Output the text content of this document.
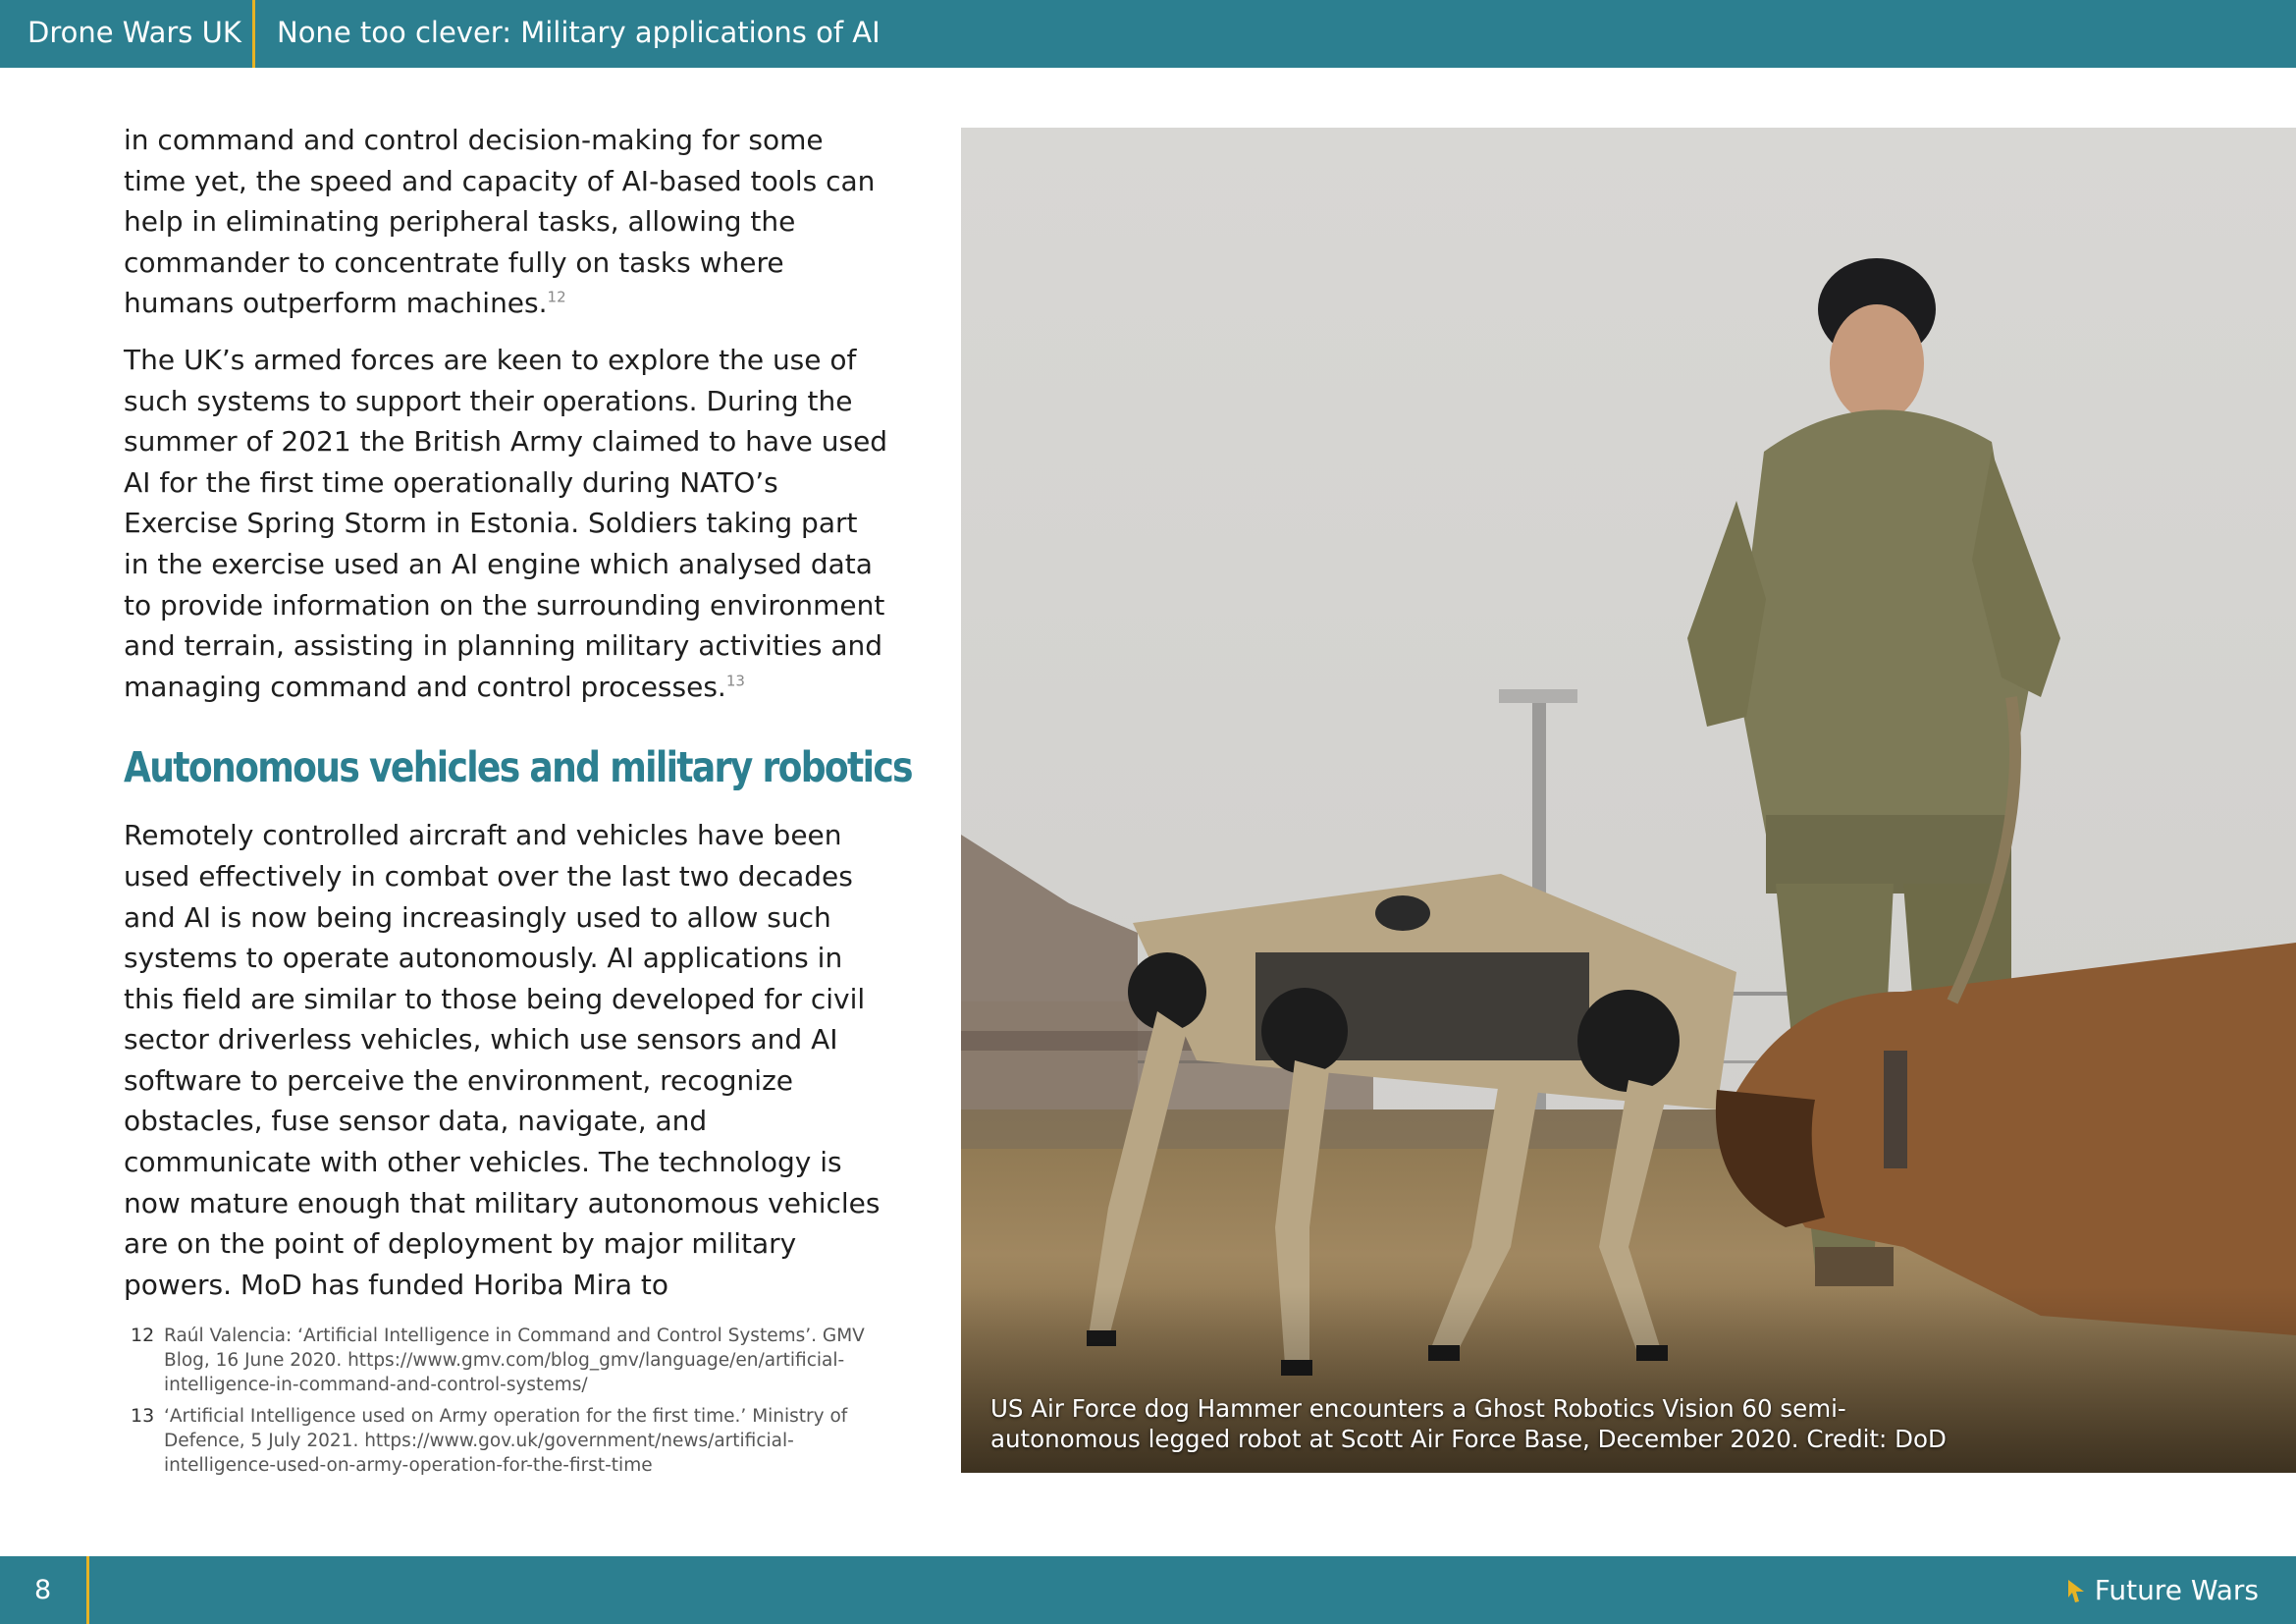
Drone Wars UK None too clever: Military applications of AI

in command and control decision-making for some time yet, the speed and capacity of AI-based tools can help in eliminating peripheral tasks, allowing the commander to concentrate fully on tasks where humans outperform machines.$^{12}$

The UK’s armed forces are keen to explore the use of such systems to support their operations. During the summer of 2021 the British Army claimed to have used AI for the first time operationally during NATO’s Exercise Spring Storm in Estonia. Soldiers taking part in the exercise used an AI engine which analysed data to provide information on the surrounding environment and terrain, assisting in planning military activities and managing command and control processes.$^{13}$

Autonomous vehicles and military robotics

Remotely controlled aircraft and vehicles have been used effectively in combat over the last two decades and AI is now being increasingly used to allow such systems to operate autonomously. AI applications in this field are similar to those being developed for civil sector driverless vehicles, which use sensors and AI software to perceive the environment, recognize obstacles, fuse sensor data, navigate, and communicate with other vehicles. The technology is now mature enough that military autonomous vehicles are on the point of deployment by major military powers. MoD has funded Horiba Mira to

12 Raúl Valencia: ‘Artificial Intelligence in Command and Control Systems’. GMV Blog, 16 June 2020. https://www.gmv.com/blog_gmv/language/en/artificial-intelligence-in-command-and-control-systems/
13 ‘Artificial Intelligence used on Army operation for the first time.’ Ministry of Defence, 5 July 2021. https://www.gov.uk/government/news/artificial-intelligence-used-on-army-operation-for-the-first-time
US Air Force dog Hammer encounters a Ghost Robotics Vision 60 semi-autonomous legged robot at Scott Air Force Base, December 2020. Credit: DoD
8	Future Wars
